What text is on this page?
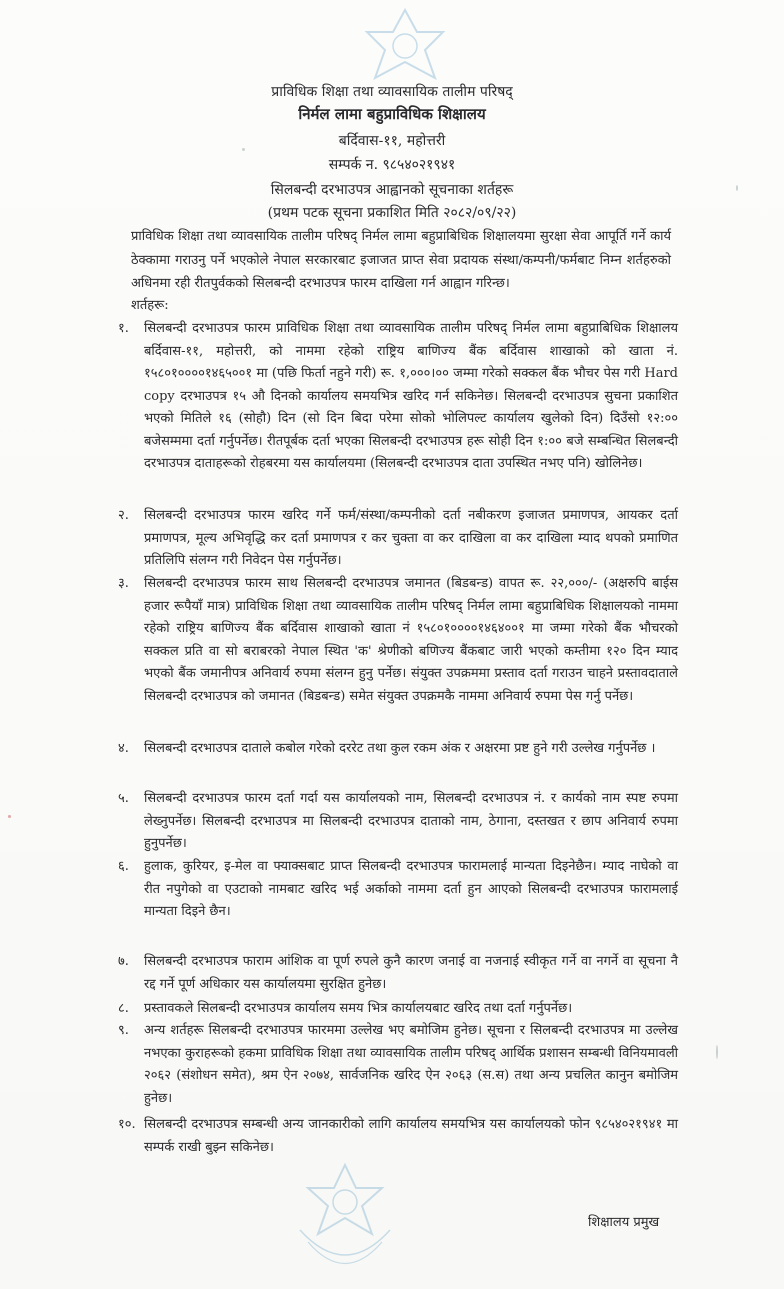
प्राविधिक शिक्षा तथा व्यावसायिक तालीम परिषद्
निर्मल लामा बहुप्राविधिक शिक्षालय
बर्दिवास-११, महोत्तरी
सम्पर्क न. ९८५४०२१९४१
सिलबन्दी दरभाउपत्र आह्वानको सूचनाका शर्तहरू
(प्रथम पटक सूचना प्रकाशित मिति २०८२/०९/२२)
प्राविधिक शिक्षा तथा व्यावसायिक तालीम परिषद् निर्मल लामा बहुप्राबिधिक शिक्षालयमा सुरक्षा सेवा आपूर्ति गर्ने कार्य ठेक्कामा गराउनु पर्ने भएकोले नेपाल सरकारबाट इजाजत प्राप्त सेवा प्रदायक संस्था/कम्पनी/फर्मबाट निम्न शर्तहरुको अधिनमा रही रीतपुर्वकको सिलबन्दी दरभाउपत्र फारम दाखिला गर्न आह्वान गरिन्छ।
शर्तहरू:
१.	सिलबन्दी दरभाउपत्र फारम प्राविधिक शिक्षा तथा व्यावसायिक तालीम परिषद् निर्मल लामा बहुप्राबिधिक शिक्षालय बर्दिवास-११, महोत्तरी, को नाममा रहेको राष्ट्रिय बाणिज्य बैंक बर्दिवास शाखाको को खाता नं. १५८०१००००१४६५००१ मा (पछि फिर्ता नहुने गरी) रू. १,०००।०० जम्मा गरेको सक्कल बैंक भौचर पेस गरी Hard copy दरभाउपत्र १५ औ दिनको कार्यालय समयभित्र खरिद गर्न सकिनेछ। सिलबन्दी दरभाउपत्र सुचना प्रकाशित भएको मितिले १६ (सोहौ) दिन (सो दिन बिदा परेमा सोको भोलिपल्ट कार्यालय खुलेको दिन) दिउँसो १२:०० बजेसम्ममा दर्ता गर्नुपर्नेछ। रीतपूर्बक दर्ता भएका सिलबन्दी दरभाउपत्र हरू सोही दिन १:०० बजे सम्बन्धित सिलबन्दी दरभाउपत्र दाताहरूको रोहबरमा यस कार्यालयमा (सिलबन्दी दरभाउपत्र दाता उपस्थित नभए पनि) खोलिनेछ।
२.	सिलबन्दी दरभाउपत्र फारम खरिद गर्ने फर्म/संस्था/कम्पनीको दर्ता नबीकरण इजाजत प्रमाणपत्र, आयकर दर्ता प्रमाणपत्र, मूल्य अभिवृद्धि कर दर्ता प्रमाणपत्र र कर चुक्ता वा कर दाखिला वा कर दाखिला म्याद थपको प्रमाणित प्रतिलिपि संलग्न गरी निवेदन पेस गर्नुपर्नेछ।
३.	सिलबन्दी दरभाउपत्र फारम साथ सिलबन्दी दरभाउपत्र जमानत (बिडबन्ड) वापत रू. २२,०००/- (अक्षरुपि बाईस हजार रूपैयाँ मात्र) प्राविधिक शिक्षा तथा व्यावसायिक तालीम परिषद् निर्मल लामा बहुप्राबिधिक शिक्षालयको नाममा रहेको राष्ट्रिय बाणिज्य बैंक बर्दिवास शाखाको खाता नं १५८०१००००१४६४००१ मा जम्मा गरेको बैंक भौचरको सक्कल प्रति वा सो बराबरको नेपाल स्थित 'क' श्रेणीको बणिज्य बैंकबाट जारी भएको कम्तीमा १२० दिन म्याद भएको बैंक जमानीपत्र अनिवार्य रुपमा संलग्न हुनु पर्नेछ। संयुक्त उपक्रममा प्रस्ताव दर्ता गराउन चाहने प्रस्तावदाताले सिलबन्दी दरभाउपत्र को जमानत (बिडबन्ड) समेत संयुक्त उपक्रमकै नाममा अनिवार्य रुपमा पेस गर्नु पर्नेछ।
४.	सिलबन्दी दरभाउपत्र दाताले कबोल गरेको दररेट तथा कुल रकम अंक र अक्षरमा प्रष्ट हुने गरी उल्लेख गर्नुपर्नेछ ।
५.	सिलबन्दी दरभाउपत्र फारम दर्ता गर्दा यस कार्यालयको नाम, सिलबन्दी दरभाउपत्र नं. र कार्यको नाम स्पष्ट रुपमा लेख्नुपर्नेछ। सिलबन्दी दरभाउपत्र मा सिलबन्दी दरभाउपत्र दाताको नाम, ठेगाना, दस्तखत र छाप अनिवार्य रुपमा हुनुपर्नेछ।
६.	हुलाक, कुरियर, इ-मेल वा फ्याक्सबाट प्राप्त सिलबन्दी दरभाउपत्र फारामलाई मान्यता दिइनेछैन। म्याद नाघेको वा रीत नपुगेको वा एउटाको नामबाट खरिद भई अर्काको नाममा दर्ता हुन आएको सिलबन्दी दरभाउपत्र फारामलाई मान्यता दिइने छैन।
७.	सिलबन्दी दरभाउपत्र फाराम आंशिक वा पूर्ण रुपले कुनै कारण जनाई वा नजनाई स्वीकृत गर्ने वा नगर्ने वा सूचना नै रद्द गर्ने पूर्ण अधिकार यस कार्यालयमा सुरक्षित हुनेछ।
८.	प्रस्तावकले सिलबन्दी दरभाउपत्र कार्यालय समय भित्र कार्यालयबाट खरिद तथा दर्ता गर्नुपर्नेछ।
९.	अन्य शर्तहरू सिलबन्दी दरभाउपत्र फारममा उल्लेख भए बमोजिम हुनेछ। सूचना र सिलबन्दी दरभाउपत्र मा उल्लेख नभएका कुराहरूको हकमा प्राविधिक शिक्षा तथा व्यावसायिक तालीम परिषद् आर्थिक प्रशासन सम्बन्धी विनियमावली २०६२ (संशोधन समेत), श्रम ऐन २०७४, सार्वजनिक खरिद ऐन २०६३ (स.स) तथा अन्य प्रचलित कानुन बमोजिम हुनेछ।
१०. सिलबन्दी दरभाउपत्र सम्बन्धी अन्य जानकारीको लागि कार्यालय समयभित्र यस कार्यालयको फोन ९८५४०२१९४१ मा सम्पर्क राखी बुझ्न सकिनेछ।
शिक्षालय प्रमुख
